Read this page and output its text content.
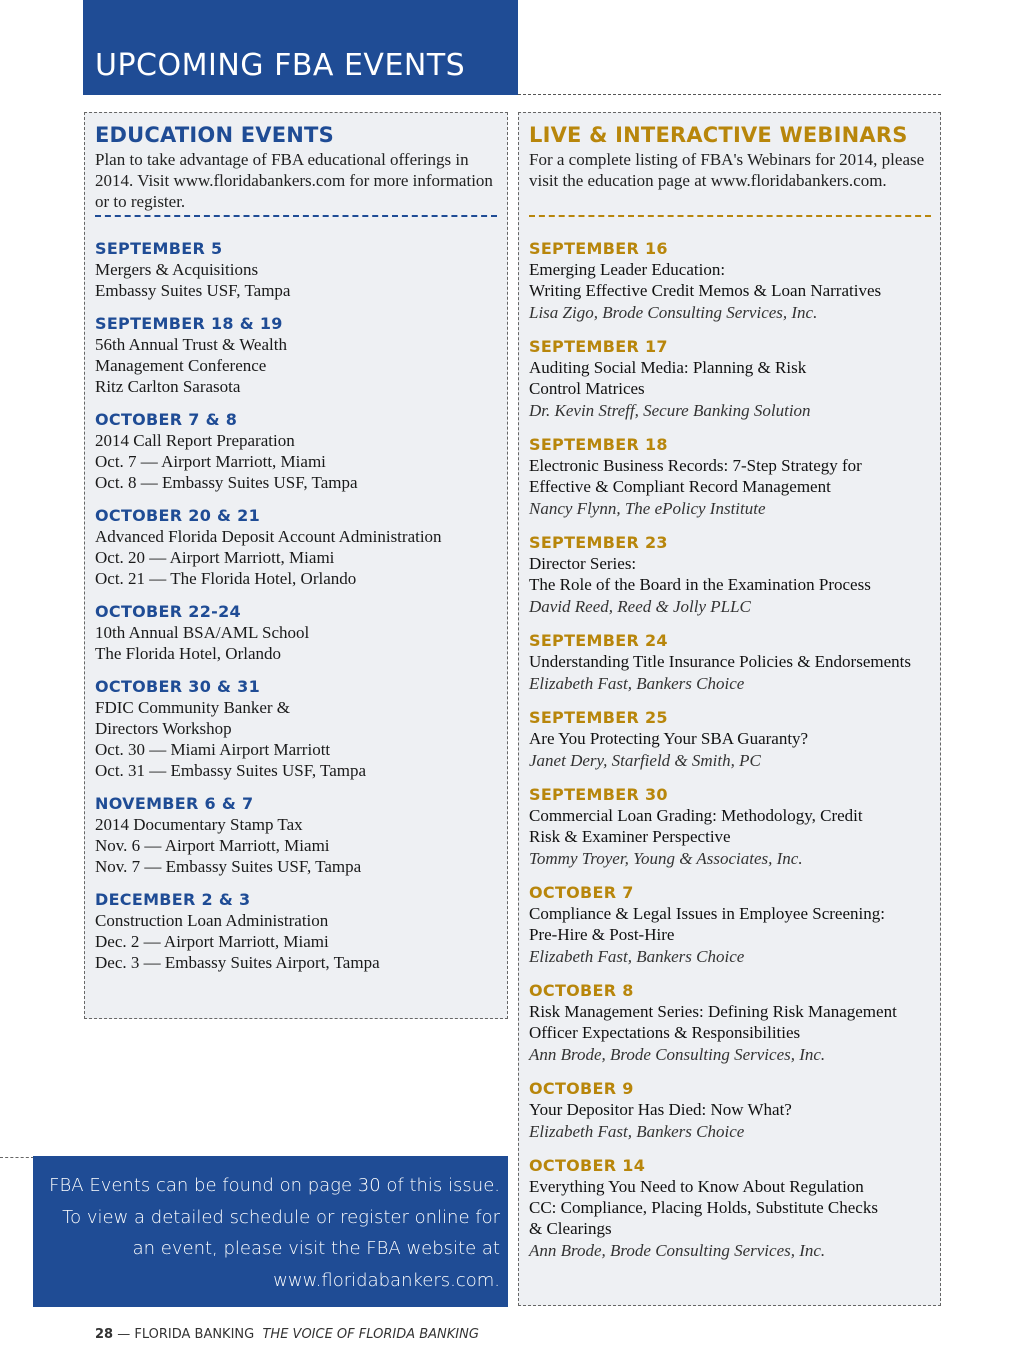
UPCOMING FBA EVENTS
EDUCATION EVENTS

Plan to take advantage of FBA educational offerings in 2014. Visit www.floridabankers.com for more information or to register.

SEPTEMBER 5
Mergers & Acquisitions
Embassy Suites USF, Tampa
SEPTEMBER 18 & 19
56th Annual Trust & Wealth
Management Conference
Ritz Carlton Sarasota
OCTOBER 7 & 8
2014 Call Report Preparation
Oct. 7 — Airport Marriott, Miami
Oct. 8 — Embassy Suites USF, Tampa
OCTOBER 20 & 21
Advanced Florida Deposit Account Administration
Oct. 20 — Airport Marriott, Miami
Oct. 21 — The Florida Hotel, Orlando
OCTOBER 22-24
10th Annual BSA/AML School
The Florida Hotel, Orlando
OCTOBER 30 & 31
FDIC Community Banker &
Directors Workshop
Oct. 30 — Miami Airport Marriott
Oct. 31 — Embassy Suites USF, Tampa
NOVEMBER 6 & 7
2014 Documentary Stamp Tax
Nov. 6 — Airport Marriott, Miami
Nov. 7 — Embassy Suites USF, Tampa
DECEMBER 2 & 3
Construction Loan Administration
Dec. 2 — Airport Marriott, Miami
Dec. 3 — Embassy Suites Airport, Tampa
LIVE & INTERACTIVE WEBINARS

For a complete listing of FBA's Webinars for 2014, please visit the education page at www.floridabankers.com.

SEPTEMBER 16
Emerging Leader Education:
Writing Effective Credit Memos & Loan Narratives
Lisa Zigo, Brode Consulting Services, Inc.
SEPTEMBER 17
Auditing Social Media: Planning & Risk
Control Matrices
Dr. Kevin Streff, Secure Banking Solution
SEPTEMBER 18
Electronic Business Records: 7-Step Strategy for
Effective & Compliant Record Management
Nancy Flynn, The ePolicy Institute
SEPTEMBER 23
Director Series:
The Role of the Board in the Examination Process
David Reed, Reed & Jolly PLLC
SEPTEMBER 24
Understanding Title Insurance Policies & Endorsements
Elizabeth Fast, Bankers Choice
SEPTEMBER 25
Are You Protecting Your SBA Guaranty?
Janet Dery, Starfield & Smith, PC
SEPTEMBER 30
Commercial Loan Grading: Methodology, Credit
Risk & Examiner Perspective
Tommy Troyer, Young & Associates, Inc.
OCTOBER 7
Compliance & Legal Issues in Employee Screening:
Pre-Hire & Post-Hire
Elizabeth Fast, Bankers Choice
OCTOBER 8
Risk Management Series: Defining Risk Management
Officer Expectations & Responsibilities
Ann Brode, Brode Consulting Services, Inc.
OCTOBER 9
Your Depositor Has Died: Now What?
Elizabeth Fast, Bankers Choice
OCTOBER 14
Everything You Need to Know About Regulation
CC: Compliance, Placing Holds, Substitute Checks
& Clearings
Ann Brode, Brode Consulting Services, Inc.

FBA Events can be found on page 30 of this issue. To view a detailed schedule or register online for an event, please visit the FBA website at www.floridabankers.com.

28 — FLORIDA BANKING THE VOICE OF FLORIDA BANKING
